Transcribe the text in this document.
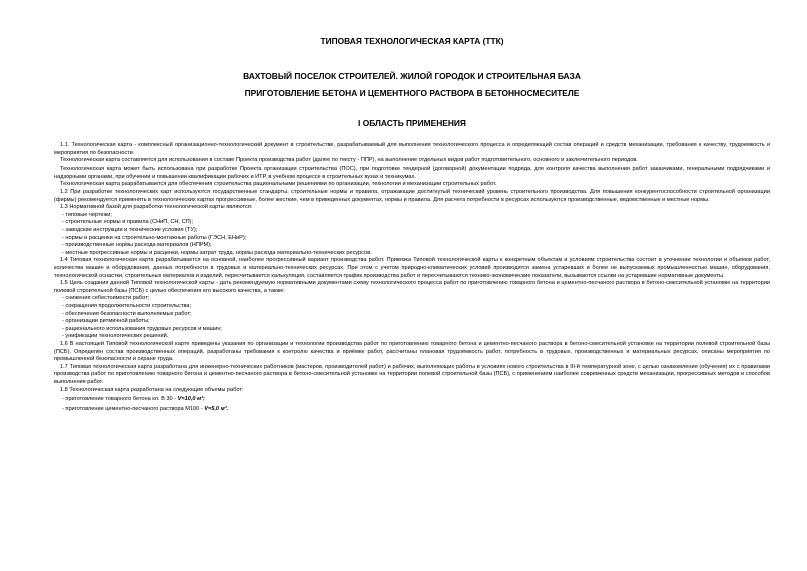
ТИПОВАЯ ТЕХНОЛОГИЧЕСКАЯ КАРТА (ТТК)
ВАХТОВЫЙ ПОСЕЛОК СТРОИТЕЛЕЙ. ЖИЛОЙ ГОРОДОК И СТРОИТЕЛЬНАЯ БАЗА
ПРИГОТОВЛЕНИЕ БЕТОНА И ЦЕМЕНТНОГО РАСТВОРА В БЕТОННОСМЕСИТЕЛЕ
I ОБЛАСТЬ ПРИМЕНЕНИЯ

1.1. Технологическая карта - комплексный организационно-технологический документ в строительстве, разрабатываемый для выполнения технологического процесса и определяющий состав операций и средств механизации, требования к качеству, трудоемкость и мероприятия по безопасности.

Технологическая карта составляется для использования в составе Проекта производства работ (далее по тексту - ППР), на выполнение отдельных видов работ подготовительного, основного и заключительного периодов.

Технологическая карта может быть использована при разработке Проекта организации строительства (ПОС), при подготовке тендерной (договорной) документации подряда, для контроля качества выполнения работ заказчиками, генеральными подрядчиками и надзорными органами, при обучении и повышении квалификации рабочих и ИТР, в учебном процессе в строительных вузах и техникумах.

Технологическая карта разрабатывается для обеспечения строительства рациональными решениями по организации, технологии и механизации строительных работ.

1.2 При разработке технологических карт используются государственные стандарты, строительные нормы и правила, отражающие достигнутый технический уровень строительного производства. Для повышения конкурентоспособности строительной организации (фирмы) рекомендуется применять в технологических картах прогрессивные, более жесткие, чем в приведенных документах, нормы и правила. Для расчета потребности в ресурсах используются производственные, ведомственные и местные нормы.

1.3 Нормативной базой для разработки технологической карты являются:

- типовые чертежи;

- строительные нормы и правила (СНиП, СН, СП);

- заводские инструкции и технические условия (ТУ);

- нормы и расценки на строительно-монтажные работы (ГЭСН, ЕНиР);

- производственные нормы расхода материалов (НПРМ);

- местные прогрессивные нормы и расценки, нормы затрат труда, нормы расхода материально-технических ресурсов.

1.4 Типовая технологическая карта разрабатывается на основной, наиболее прогрессивный вариант производства работ. Привязка Типовой технологической карты к конкретным объектам и условиям строительства состоит в уточнении технологии и объемов работ, количества машин и оборудования, данных потребности в трудовых и материально-технических ресурсах. При этом с учетом природно-климатических условий производится замена устаревших и более не выпускаемых промышленностью машин, оборудования, технологической оснастки, строительных материалов и изделий, пересчитывается калькуляция, составляется график производства работ и пересчитываются технико-экономические показатели, вызываются ссылки на устаревшие нормативные документы.

1.5 Цель создания данной Типовой технологической карты - дать рекомендуемую нормативными документами схему технологического процесса работ по приготовлению товарного бетона и цементно-песчаного раствора в бетоно-смесительной установке на территории полевой строительной базы (ПСБ) с целью обеспечения его высокого качества, а также:

- снижения себестоимости работ;

- сокращения продолжительности строительства;

- обеспечения безопасности выполняемых работ;

- организации ритмичной работы;

- рационального использования трудовых ресурсов и машин;

- унификации технологических решений.

1.6 В настоящей Типовой технологической карте приведены указания по организации и технологии производства работ по приготовлению товарного бетона и цементно-песчаного раствора в бетоно-смесительной установке на территории полевой строительной базы (ПСБ). Определён состав производственных операций, разработаны требования к контролю качества и приёмке работ, рассчитаны плановая трудоёмкость работ, потребность в трудовых, производственных и материальных ресурсах, описаны мероприятия по промышленной безопасности и охране труда.

1.7 Типовая технологическая карта разработана для инженерно-технических работников (мастеров, производителей работ) и рабочих, выполняющих работы в условиях нового строительства в III-й температурной зоне, с целью ознакомления (обучения) их с правилами производства работ по приготовлению товарного бетона и цементно-песчаного раствора в бетоно-смесительной установке на территории полевой строительной базы (ПСБ), с применением наиболее современных средств механизации, прогрессивных методов и способов выполнения работ.

1.8 Технологическая карта разработана на следующие объемы работ:

- приготовление товарного бетона кл. В 30 - V=10,0 м³;

- приготовление цементно-песчаного раствора М100 - V=5,0 м³.
